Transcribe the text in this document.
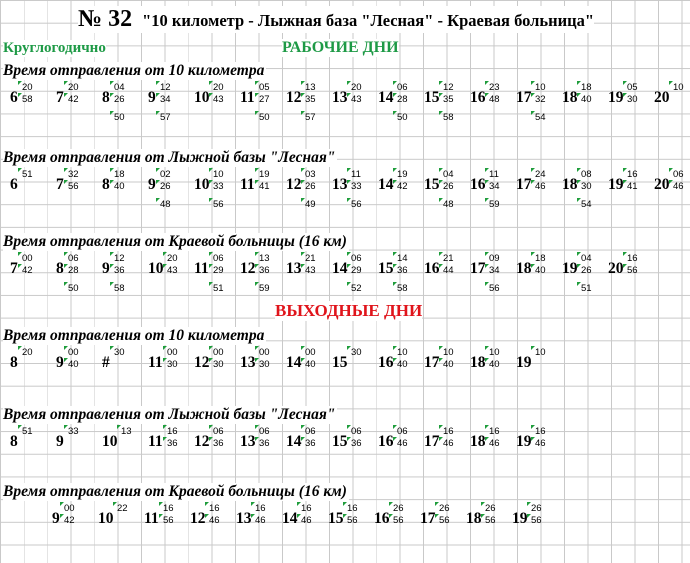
№ 32 "10 километр - Лыжная база "Лесная" - Краевая больница"
Круглогодично	РАБОЧИЕ ДНИ
Время отправления от 10 километра
6
20
58 7
20
42 8
04
26
50
9
12
34
57
10
20
43 11
05
27
50
12
13
35
57
13
20
43 14
06
28
50
15
12
35
58
16
23
48 17
10
32
54
18
18
40 19
05
30 20
10
Время отправления от Лыжной базы "Лесная"
6
51
7
32
56 8
18
40 9
02
26
48
10
10
33
56
11
19
41 12
03
26
49
13
11
33
56
14
19
42 15
04
26
48
16
11
34
59
17
24
46 18
08
30
54
19
16
41 20
06
46
Время отправления от Краевой больницы (16 км)
7
00
42 8
06
28
50
9
12
36
58
10
20
43 11
06
29
51
12
13
36
59
13
21
43 14
06
29
52
15
14
36
58
16
21
44 17
09
34
56
18
18
40 19
04
26
51
20
16
56
ВЫХОДНЫЕ ДНИ
Время отправления от 10 километра
8
20
9
00
40 #
30
11
00
30 12
00
30 13
00
30 14
00
40 15
30
16
10
40 17
10
40 18
10
40 19
10
Время отправления от Лыжной базы "Лесная"
8
51
9
33
10
13
11
16
36 12
06
36 13
06
36 14
06
36 15
06
36 16
06
46 17
16
46 18
16
46 19
16
46
Время отправления от Краевой больницы (16 км)
9
00
42 10
22
11
16
56 12
16
46 13
16
46 14
16
46 15
16
56 16
26
56 17
26
56 18
26
56 19
26
56
